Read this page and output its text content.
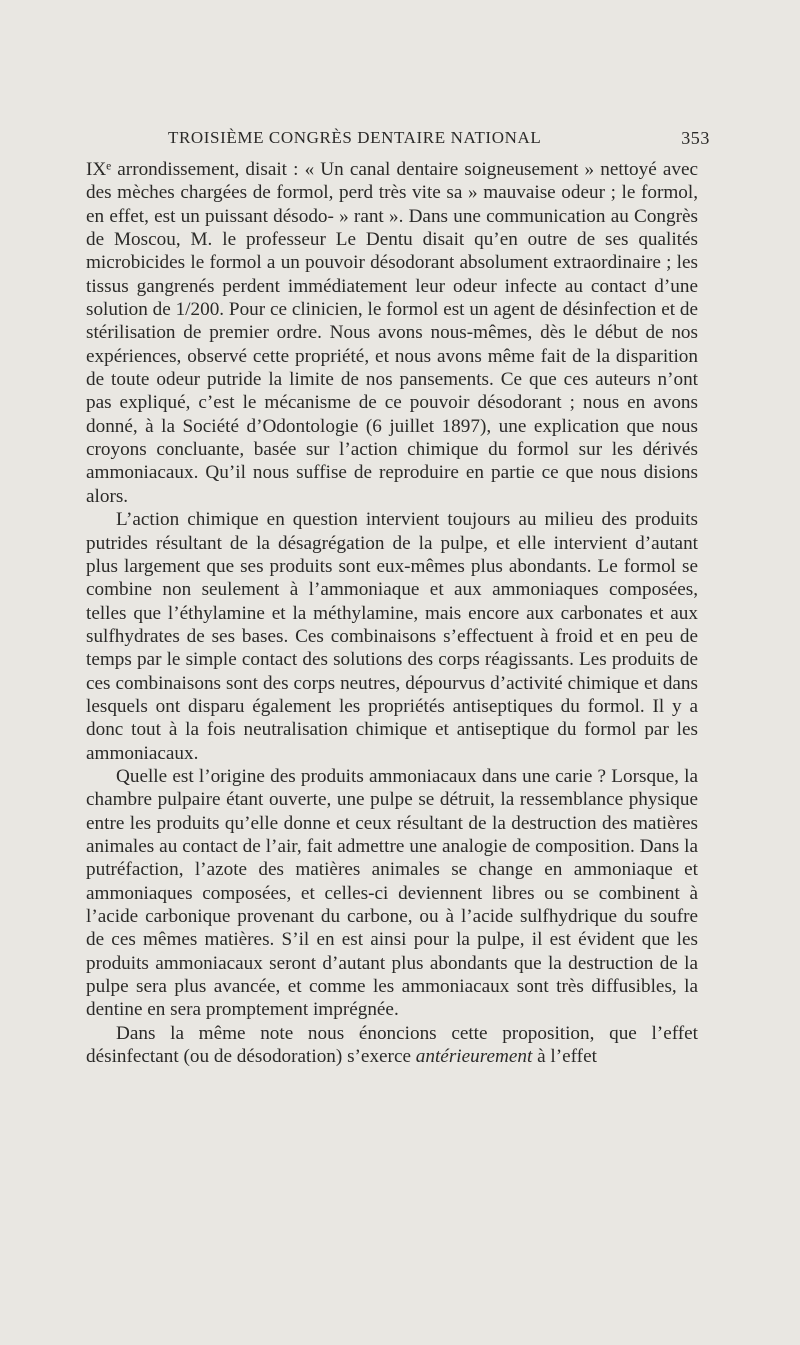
TROISIÈME CONGRÈS DENTAIRE NATIONAL	353

IXᵉ arrondissement, disait : « Un canal dentaire soigneusement » nettoyé avec des mèches chargées de formol, perd très vite sa » mauvaise odeur ; le formol, en effet, est un puissant désodo- » rant ». Dans une communication au Congrès de Moscou, M. le professeur Le Dentu disait qu’en outre de ses qualités microbicides le formol a un pouvoir désodorant absolument extraordinaire ; les tissus gangrenés perdent immédiatement leur odeur infecte au contact d’une solution de 1/200. Pour ce clinicien, le formol est un agent de désinfection et de stérilisation de premier ordre. Nous avons nous-mêmes, dès le début de nos expériences, observé cette propriété, et nous avons même fait de la disparition de toute odeur putride la limite de nos pansements. Ce que ces auteurs n’ont pas expliqué, c’est le mécanisme de ce pouvoir désodorant ; nous en avons donné, à la Société d’Odontologie (6 juillet 1897), une explication que nous croyons concluante, basée sur l’action chimique du formol sur les dérivés ammoniacaux. Qu’il nous suffise de reproduire en partie ce que nous disions alors.

L’action chimique en question intervient toujours au milieu des produits putrides résultant de la désagrégation de la pulpe, et elle intervient d’autant plus largement que ses produits sont eux-mêmes plus abondants. Le formol se combine non seulement à l’ammoniaque et aux ammoniaques composées, telles que l’éthylamine et la méthylamine, mais encore aux carbonates et aux sulfhydrates de ses bases. Ces combinaisons s’effectuent à froid et en peu de temps par le simple contact des solutions des corps réagissants. Les produits de ces combinaisons sont des corps neutres, dépourvus d’activité chimique et dans lesquels ont disparu également les propriétés antiseptiques du formol. Il y a donc tout à la fois neutralisation chimique et antiseptique du formol par les ammoniacaux.

Quelle est l’origine des produits ammoniacaux dans une carie ? Lorsque, la chambre pulpaire étant ouverte, une pulpe se détruit, la ressemblance physique entre les produits qu’elle donne et ceux résultant de la destruction des matières animales au contact de l’air, fait admettre une analogie de composition. Dans la putréfaction, l’azote des matières animales se change en ammoniaque et ammoniaques composées, et celles-ci deviennent libres ou se combinent à l’acide carbonique provenant du carbone, ou à l’acide sulfhydrique du soufre de ces mêmes matières. S’il en est ainsi pour la pulpe, il est évident que les produits ammoniacaux seront d’autant plus abondants que la destruction de la pulpe sera plus avancée, et comme les ammoniacaux sont très diffusibles, la dentine en sera promptement imprégnée.

Dans la même note nous énoncions cette proposition, que l’effet désinfectant (ou de désodoration) s’exerce antérieurement à l’effet
